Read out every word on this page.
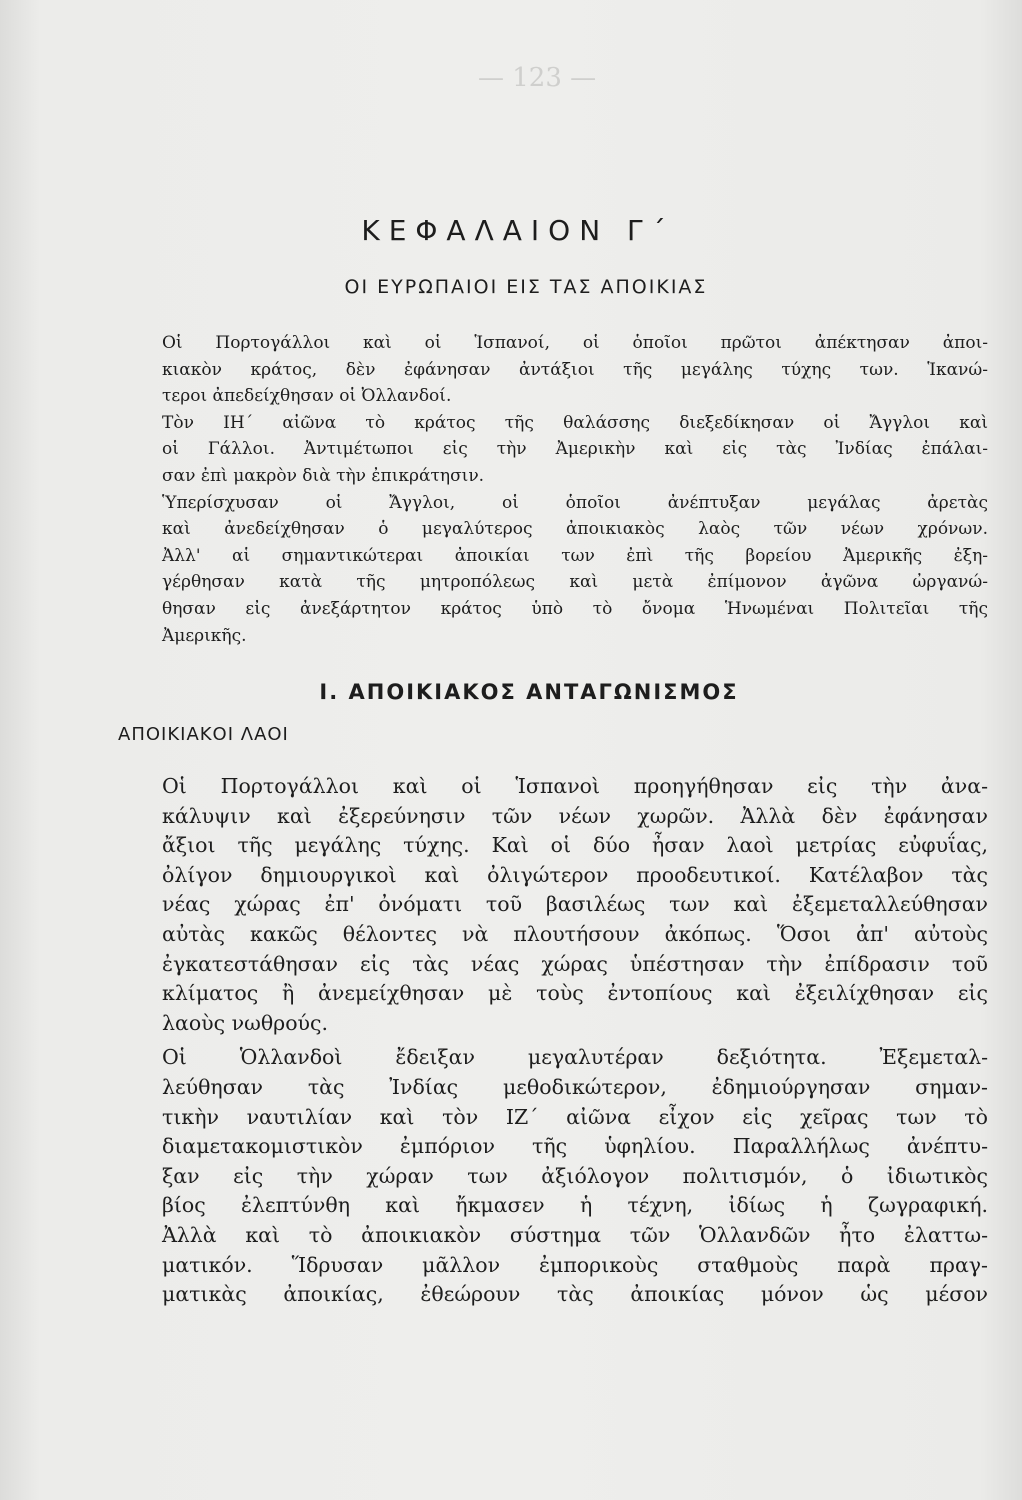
— 123 —
ΚΕΦΑΛΑΙΟΝ Γ΄
ΟΙ ΕΥΡΩΠΑΙΟΙ ΕΙΣ ΤΑΣ ΑΠΟΙΚΙΑΣ

Οἱ Πορτογάλλοι καὶ οἱ Ἱσπανοί, οἱ ὁποῖοι πρῶτοι ἀπέκτησαν ἀποι-
κιακὸν κράτος, δὲν ἐφάνησαν ἀντάξιοι τῆς μεγάλης τύχης των. Ἱκανώ-
τεροι ἀπεδείχθησαν οἱ Ὀλλανδοί.

Τὸν ΙΗ΄ αἰῶνα τὸ κράτος τῆς θαλάσσης διεξεδίκησαν οἱ Ἄγγλοι καὶ
οἱ Γάλλοι. Ἀντιμέτωποι εἰς τὴν Ἀμερικὴν καὶ εἰς τὰς Ἰνδίας ἐπάλαι-
σαν ἐπὶ μακρὸν διὰ τὴν ἐπικράτησιν.

Ὑπερίσχυσαν οἱ Ἄγγλοι, οἱ ὁποῖοι ἀνέπτυξαν μεγάλας ἀρετὰς
καὶ ἀνεδείχθησαν ὁ μεγαλύτερος ἀποικιακὸς λαὸς τῶν νέων χρόνων.
Ἀλλ' αἱ σημαντικώτεραι ἀποικίαι των ἐπὶ τῆς βορείου Ἀμερικῆς ἐξη-
γέρθησαν κατὰ τῆς μητροπόλεως καὶ μετὰ ἐπίμονον ἀγῶνα ὠργανώ-
θησαν εἰς ἀνεξάρτητον κράτος ὑπὸ τὸ ὄνομα Ἡνωμέναι Πολιτεῖαι τῆς
Ἀμερικῆς.

Ι. ΑΠΟΙΚΙΑΚΟΣ ΑΝΤΑΓΩΝΙΣΜΟΣ
ΑΠΟΙΚΙΑΚΟΙ ΛΑΟΙ

Οἱ Πορτογάλλοι καὶ οἱ Ἱσπανοὶ προηγήθησαν εἰς τὴν ἀνα-
κάλυψιν καὶ ἐξερεύνησιν τῶν νέων χωρῶν. Ἀλλὰ δὲν ἐφάνησαν
ἄξιοι τῆς μεγάλης τύχης. Καὶ οἱ δύο ἦσαν λαοὶ μετρίας εὐφυΐας,
ὀλίγον δημιουργικοὶ καὶ ὀλιγώτερον προοδευτικοί. Κατέλαβον τὰς
νέας χώρας ἐπ' ὀνόματι τοῦ βασιλέως των καὶ ἐξεμεταλλεύθησαν
αὐτὰς κακῶς θέλοντες νὰ πλουτήσουν ἀκόπως. Ὅσοι ἀπ' αὐτοὺς
ἐγκατεστάθησαν εἰς τὰς νέας χώρας ὑπέστησαν τὴν ἐπίδρασιν τοῦ
κλίματος ἢ ἀνεμείχθησαν μὲ τοὺς ἐντοπίους καὶ ἐξειλίχθησαν εἰς
λαοὺς νωθρούς.

Οἱ Ὁλλανδοὶ ἔδειξαν μεγαλυτέραν δεξιότητα. Ἐξεμεταλ-
λεύθησαν τὰς Ἰνδίας μεθοδικώτερον, ἐδημιούργησαν σημαν-
τικὴν ναυτιλίαν καὶ τὸν ΙΖ΄ αἰῶνα εἶχον εἰς χεῖρας των τὸ
διαμετακομιστικὸν ἐμπόριον τῆς ὑφηλίου. Παραλλήλως ἀνέπτυ-
ξαν εἰς τὴν χώραν των ἀξιόλογον πολιτισμόν, ὁ ἰδιωτικὸς
βίος ἐλεπτύνθη καὶ ἤκμασεν ἡ τέχνη, ἰδίως ἡ ζωγραφική.
Ἀλλὰ καὶ τὸ ἀποικιακὸν σύστημα τῶν Ὁλλανδῶν ἦτο ἐλαττω-
ματικόν. Ἵδρυσαν μᾶλλον ἐμπορικοὺς σταθμοὺς παρὰ πραγ-
ματικὰς ἀποικίας, ἐθεώρουν τὰς ἀποικίας μόνον ὡς μέσον
